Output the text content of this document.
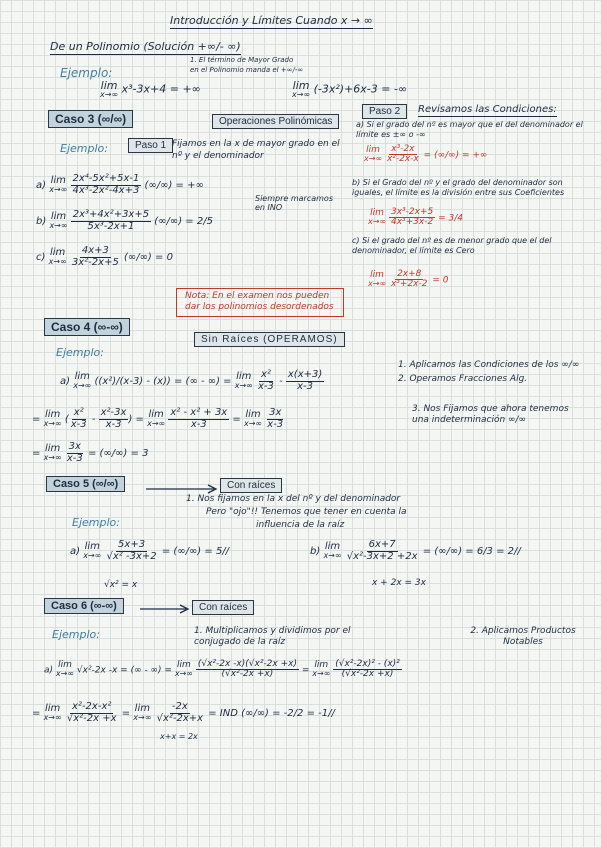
Introducción y Límites Cuando x → ∞
De un Polinomio (Solución +∞/- ∞)
1. El término de Mayor Grado
en el Polinomio manda el +∞/-∞
Ejemplo:
lim
x→∞ x³-3x+4 = +∞	lim
x→∞ (-3x²)+6x-3 = -∞
Caso 3 (∞/∞)	Operaciones Polinómicas
Ejemplo:	Paso 1 Fijamos en la x de mayor grado en el nº y el denominador
a) lim
x→∞
$\frac{\text{2x⁴-5x²+5x-1}}{\text{4x³-2x²-4x+3}}$ (∞/∞) = +∞
Siempre marcamos en INO
b) lim
x→∞
$\frac{\text{2x³+4x²+3x+5}}{\text{5x³-2x+1}}$ (∞/∞) = 2/5
c) lim
x→∞
$\frac{4x+3}{\text{3x²-2x+5}}$ (∞/∞) = 0
Nota: En el examen nos pueden dar los polinomios desordenados
Paso 2	Revisamos las Condiciones:
a) Si el grado del nº es mayor que el del denominador el límite es ±∞ o -∞
lim
x→∞
$\frac{\text{x³-2x}}{\text{x²-2x-x}}$ = (∞/∞) = +∞
b) Si el Grado del nº y el grado del denominador son iguales, el límite es la división entre sus Coeficientes
lim
x→∞
$\frac{\text{3x³-2x+5}}{\text{4x³+3x-2}} = 3/4$
c) Si el grado del nº es de menor grado que el del denominador, el límite es Cero
lim
x→∞
$\frac{2x+8}{\text{x³+2x-2}} = 0$
Caso 4 (∞-∞)
Sin Raíces (OPERAMOS)
Ejemplo:
a) lim
x→∞ ((x²)/(x-3) - (x)) = (∞ - ∞) = lim
x→∞
$\frac{\text{x²}}{x-3} - \frac{x(x+3)}{x-3}$
1. Aplicamos las Condiciones de los ∞/∞
2. Operamos Fracciones Alg.
= lim
x→∞ ( $\frac{\text{x²}}{x-3} - \frac{\text{x²-3x}}{x-3}$ ) = lim
x→∞
$\frac{\text{x² - x² + 3x}}{x-3} = \lim$
x→∞
$\frac{3x}{x-3}$	3. Nos Fijamos que ahora tenemos una indeterminación ∞/∞
= lim
x→∞
$\frac{3x}{x-3}$ = (∞/∞) = 3
Caso 5 (∞/∞)	Con raíces
1. Nos fijamos en la x del nº y del denominador
Pero "ojo"!! Tenemos que tener en cuenta la
influencia de la raíz
Ejemplo:
a) lim
x→∞
$\frac{5x+3}{\text{√x² -3x+2}}$ = (∞/∞) = 5//
√x² = x
b) lim
x→∞
$\frac{6x+7}{\text{√x²-3x+2 +2x}}$ = (∞/∞) = 6/3 = 2//
x + 2x = 3x
Caso 6 (∞-∞)	Con raíces
Ejemplo:	1. Multiplicamos y dividimos por el conjugado de la raíz
2. Aplicamos Productos Notables
a) lim
x→∞ √x²-2x -x = (∞ - ∞) = lim
x→∞
$\frac{\text{(√x²-2x -x)(√x²-2x +x)}}{\text{(√x²-2x +x)}} = \lim$
x→∞
$\frac{\text{(√x²-2x)² - (x)²}}{\text{(√x²-2x +x)}}$
= lim
x→∞
$\frac{\text{x²-2x-x²}}{\text{√x²-2x +x}} = \lim$
x→∞
$\frac{-2x}{\text{√x²-2x+x}}$ = IND (∞/∞) = -2/2 = -1//
x+x = 2x
